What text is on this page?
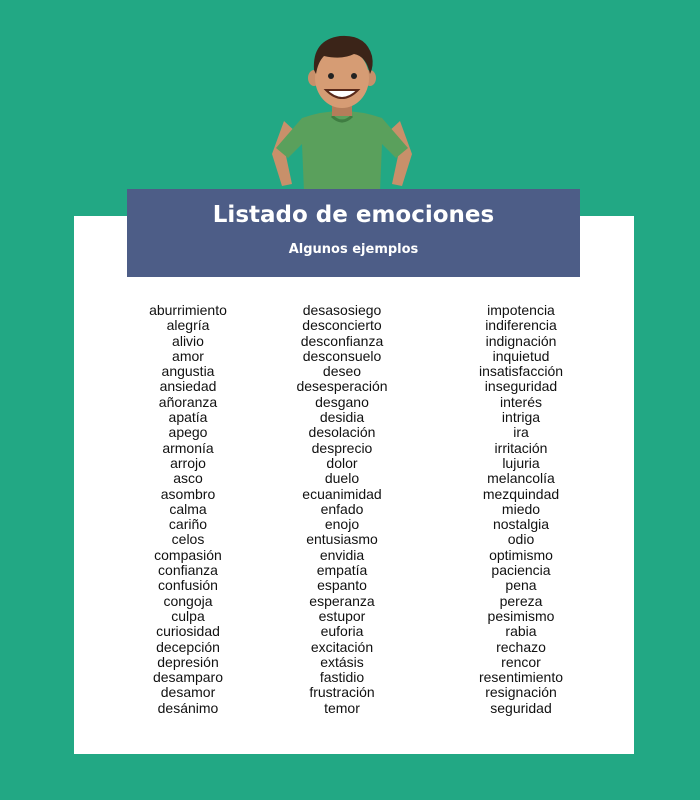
Listado de emociones
Algunos ejemplos
aburrimiento
alegría
alivio
amor
angustia
ansiedad
añoranza
apatía
apego
armonía
arrojo
asco
asombro
calma
cariño
celos
compasión
confianza
confusión
congoja
culpa
curiosidad
decepción
depresión
desamparo
desamor
desánimo
desasosiego
desconcierto
desconfianza
desconsuelo
deseo
desesperación
desgano
desidia
desolación
desprecio
dolor
duelo
ecuanimidad
enfado
enojo
entusiasmo
envidia
empatía
espanto
esperanza
estupor
euforia
excitación
extásis
fastidio
frustración
temor
impotencia
indiferencia
indignación
inquietud
insatisfacción
inseguridad
interés
intriga
ira
irritación
lujuria
melancolía
mezquindad
miedo
nostalgia
odio
optimismo
paciencia
pena
pereza
pesimismo
rabia
rechazo
rencor
resentimiento
resignación
seguridad
